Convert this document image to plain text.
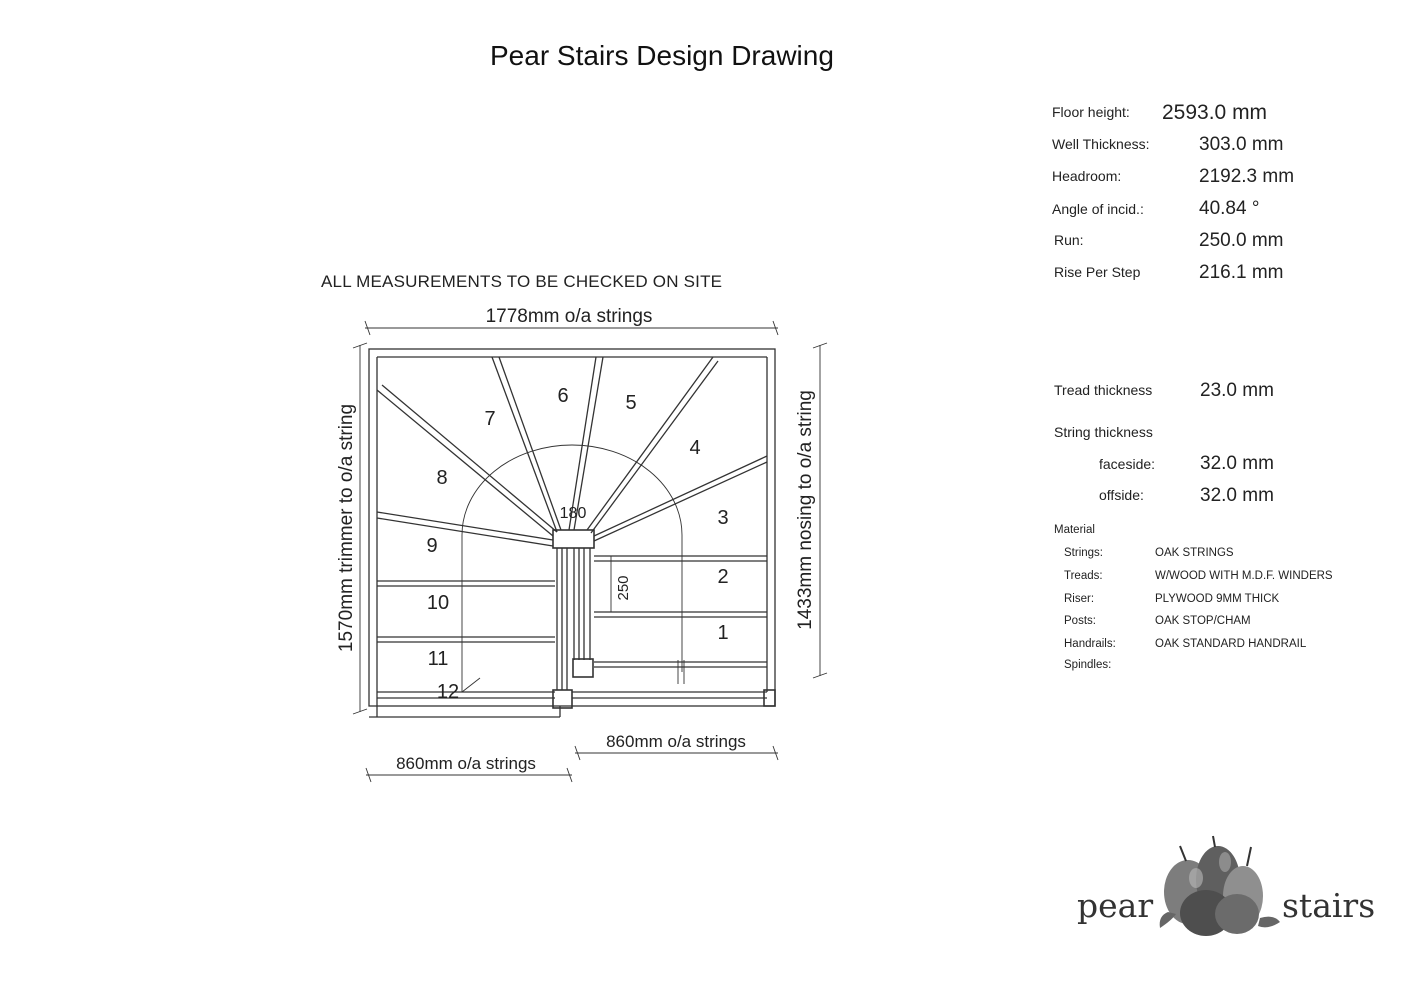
Pear Stairs Design Drawing
Floor height: 2593.0 mm
Well Thickness:	303.0 mm
Headroom:	2192.3 mm
Angle of incid.:	40.84 °
Run:	250.0 mm
Rise Per Step	216.1 mm
Tread thickness	23.0 mm
String thickness
faceside: 32.0 mm
offside:	32.0 mm
Material
Strings:	OAK STRINGS
Treads:	W/WOOD WITH M.D.F. WINDERS
Riser:	PLYWOOD 9MM THICK
Posts:	OAK STOP/CHAM
Handrails:	OAK STANDARD HANDRAIL
Spindles:
ALL MEASUREMENTS TO BE CHECKED ON SITE
1
2
3
4
5
6
7
8
9
10
11
12
180
1778mm o/a strings
1570mm trimmer to o/a string	1433mm nosing to o/a string
860mm o/a strings
860mm o/a strings
250
pear	stairs
